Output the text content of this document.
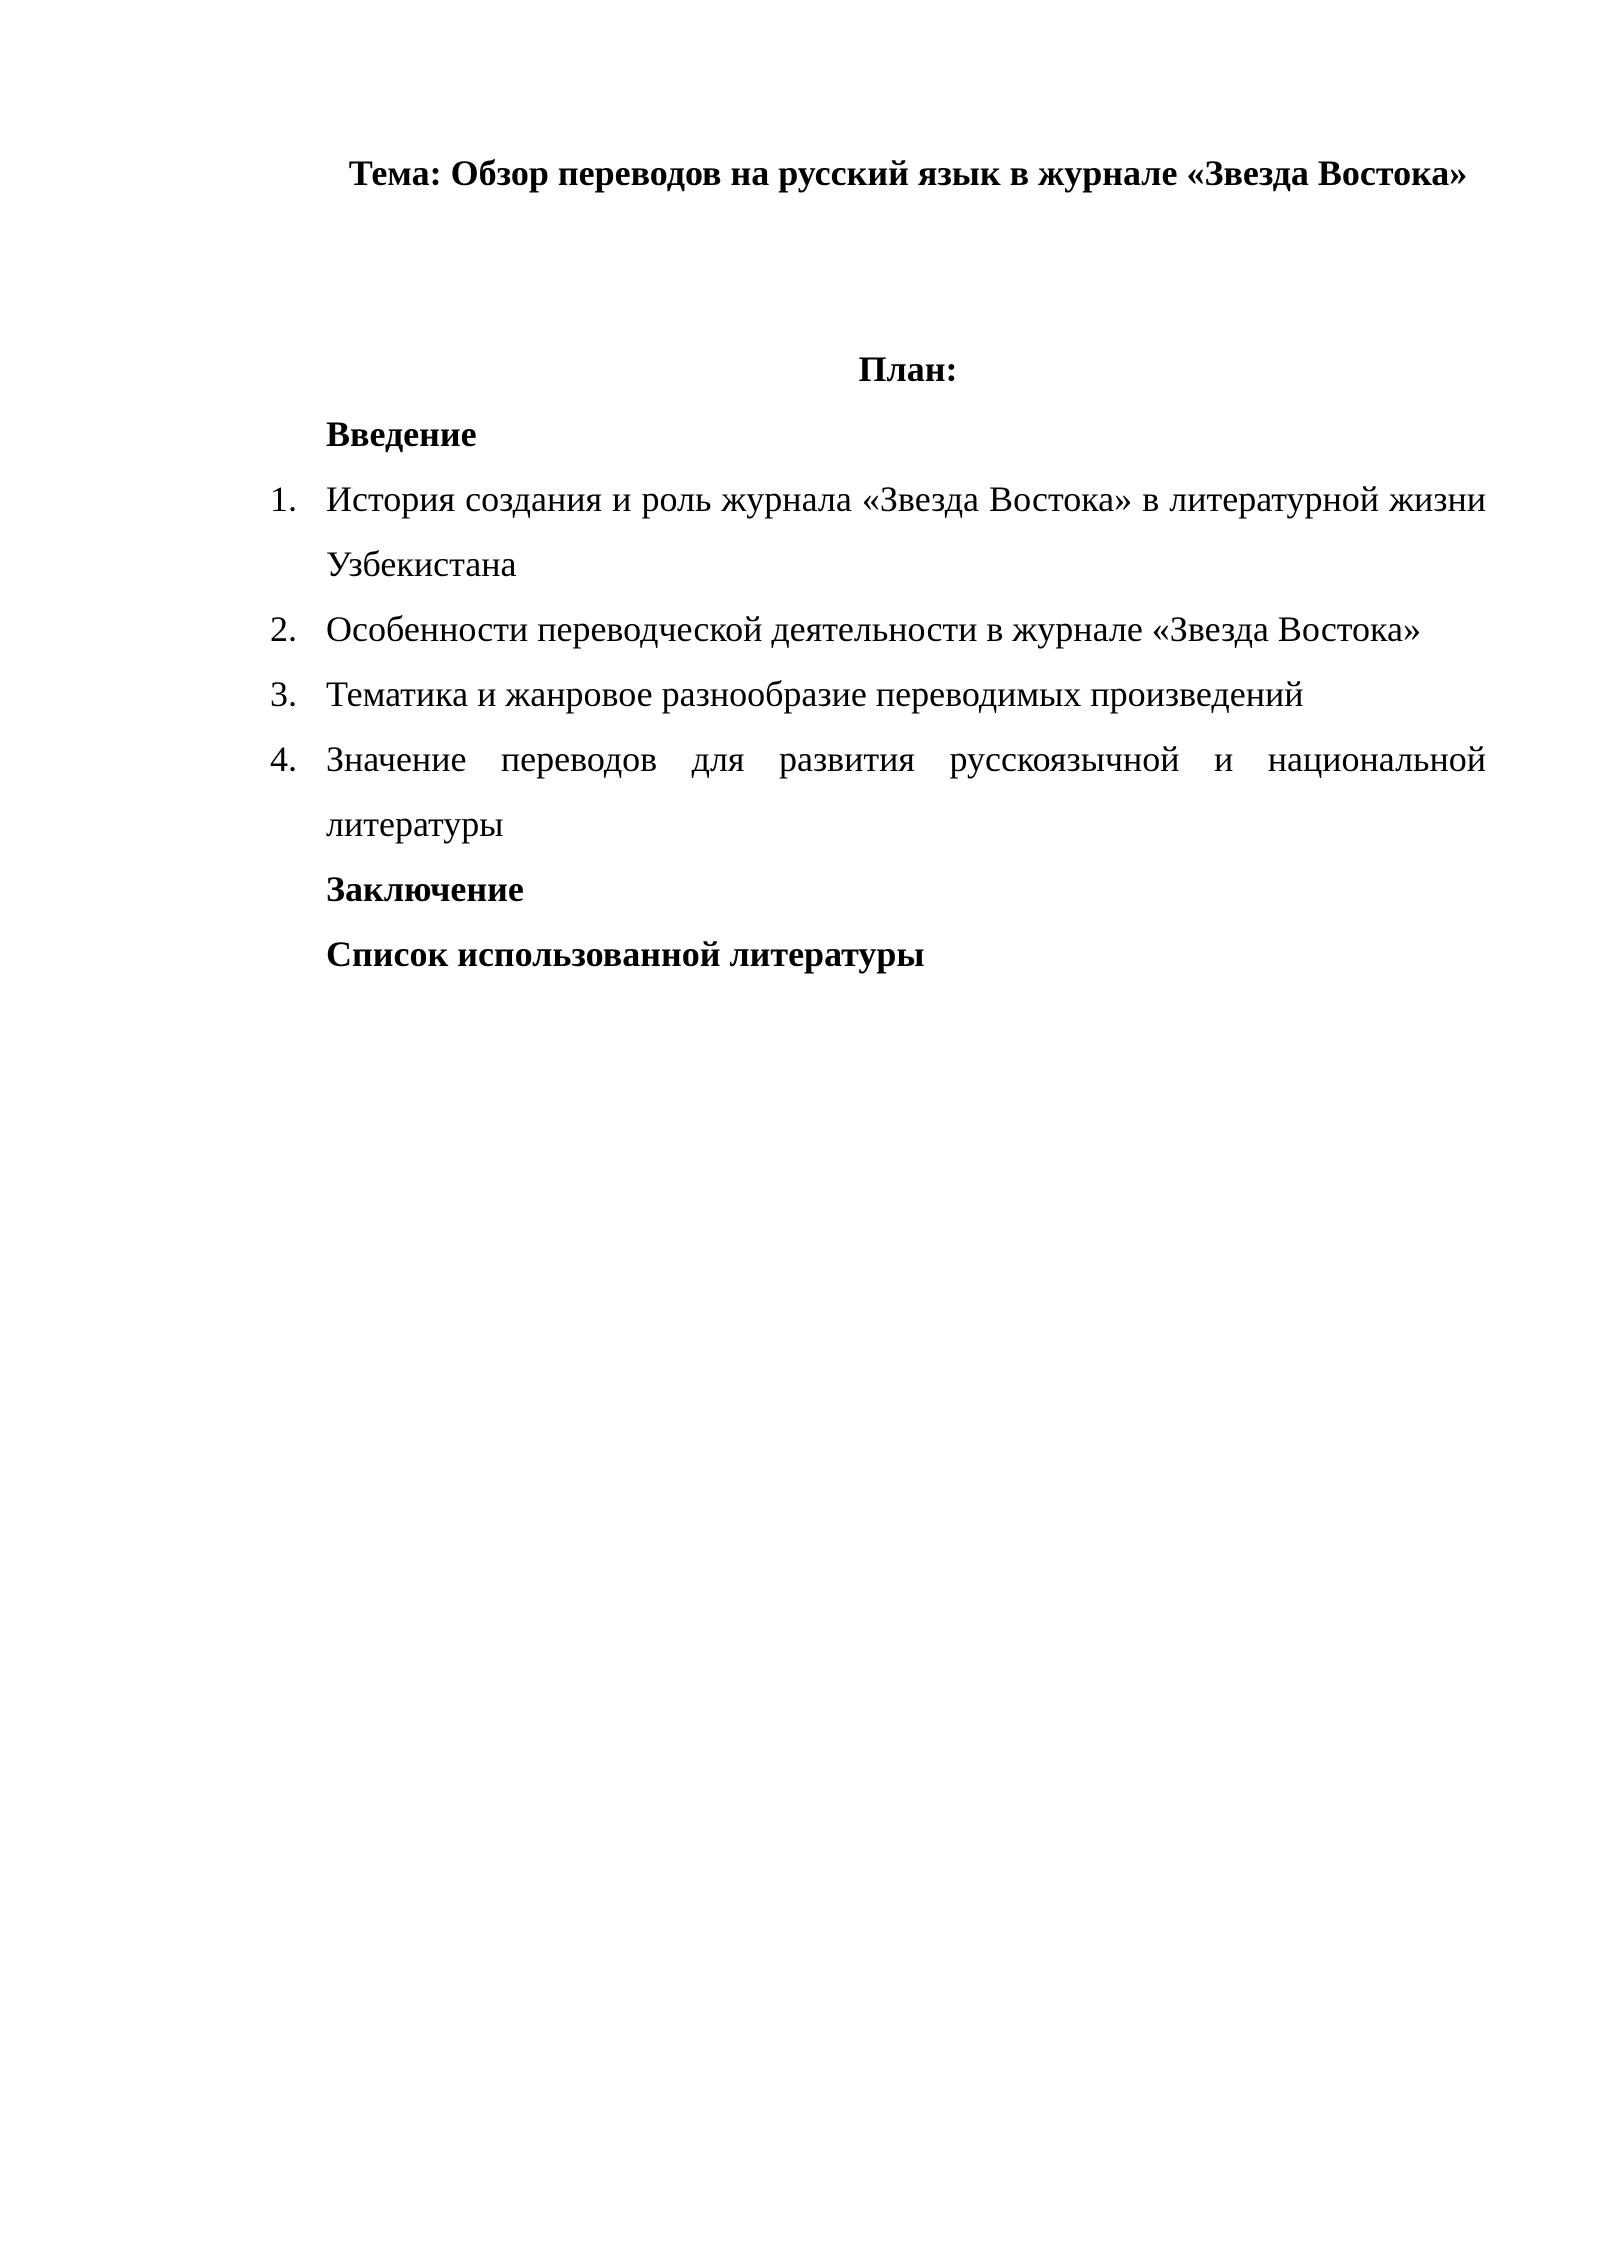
Тема: Обзор переводов на русский язык в журнале «Звезда Востока»
План:

Введение

1. История создания и роль журнала «Звезда Востока» в литературной жизни Узбекистана
2. Особенности переводческой деятельности в журнале «Звезда Востока»
3. Тематика и жанровое разнообразие переводимых произведений
4. Значение переводов для развития русскоязычной и национальной литературы

Заключение

Список использованной литературы
